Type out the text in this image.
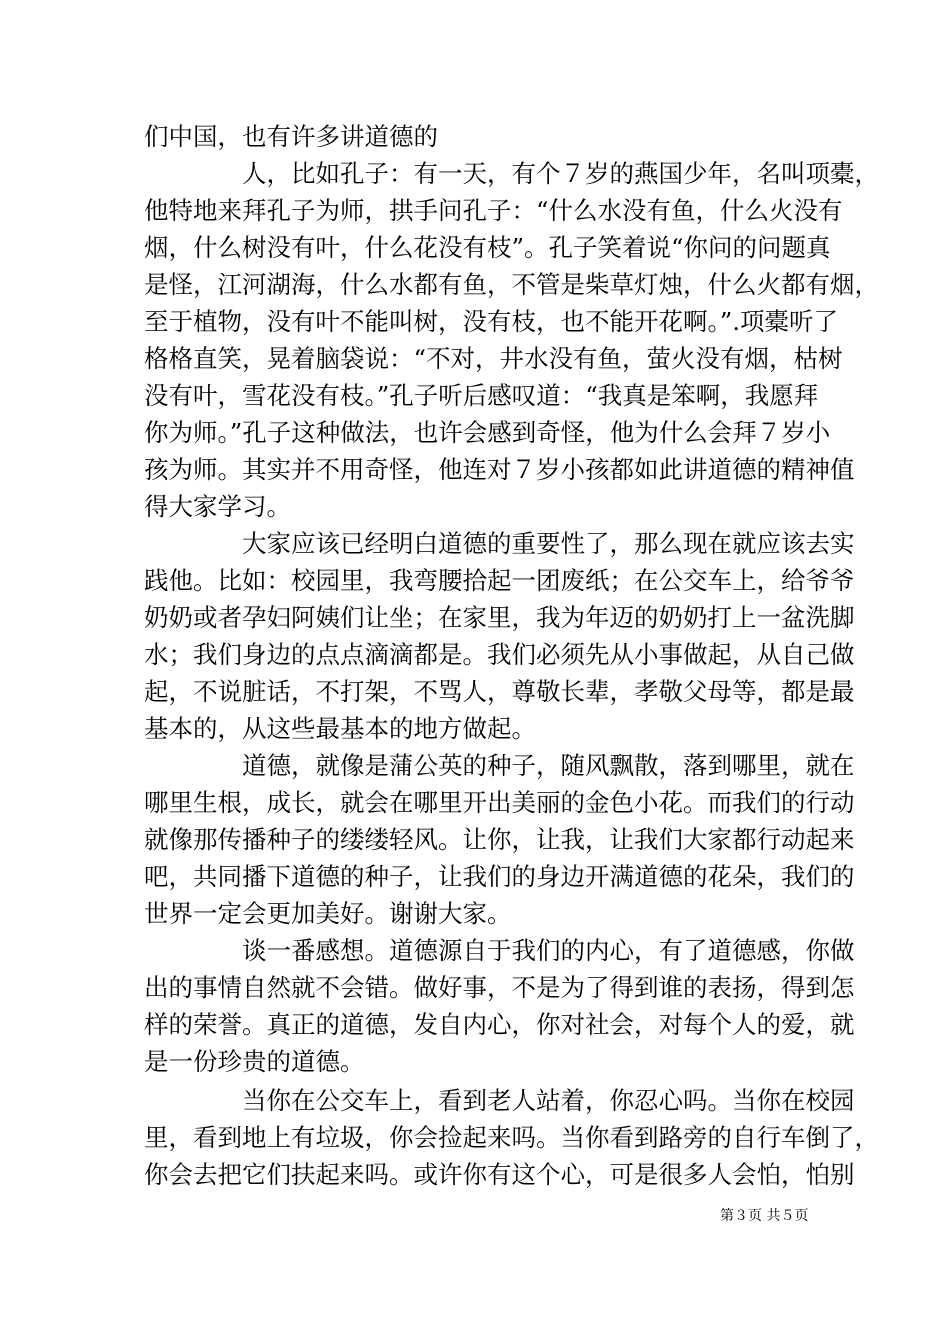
们中国，也有许多讲道德的
人，比如孔子：有一天，有个７岁的燕国少年，名叫项橐，
他特地来拜孔子为师，拱手问孔子：“什么水没有鱼，什么火没有
烟，什么树没有叶，什么花没有枝”。孔子笑着说“你问的问题真
是怪，江河湖海，什么水都有鱼，不管是柴草灯烛，什么火都有烟，
至于植物，没有叶不能叫树，没有枝，也不能开花啊。”.项橐听了
格格直笑，晃着脑袋说：“不对，井水没有鱼，萤火没有烟，枯树
没有叶，雪花没有枝。”孔子听后感叹道：“我真是笨啊，我愿拜
你为师。”孔子这种做法，也许会感到奇怪，他为什么会拜７岁小
孩为师。其实并不用奇怪，他连对７岁小孩都如此讲道德的精神值
得大家学习。
大家应该已经明白道德的重要性了，那么现在就应该去实
践他。比如：校园里，我弯腰拾起一团废纸；在公交车上，给爷爷
奶奶或者孕妇阿姨们让坐；在家里，我为年迈的奶奶打上一盆洗脚
水；我们身边的点点滴滴都是。我们必须先从小事做起，从自己做
起，不说脏话，不打架，不骂人，尊敬长辈，孝敬父母等，都是最
基本的，从这些最基本的地方做起。
道德，就像是蒲公英的种子，随风飘散，落到哪里，就在
哪里生根，成长，就会在哪里开出美丽的金色小花。而我们的行动
就像那传播种子的缕缕轻风。让你，让我，让我们大家都行动起来
吧，共同播下道德的种子，让我们的身边开满道德的花朵，我们的
世界一定会更加美好。谢谢大家。
谈一番感想。道德源自于我们的内心，有了道德感，你做
出的事情自然就不会错。做好事，不是为了得到谁的表扬，得到怎
样的荣誉。真正的道德，发自内心，你对社会，对每个人的爱，就
是一份珍贵的道德。
当你在公交车上，看到老人站着，你忍心吗。当你在校园
里，看到地上有垃圾，你会捡起来吗。当你看到路旁的自行车倒了，
你会去把它们扶起来吗。或许你有这个心，可是很多人会怕，怕别
第３页 共５页
